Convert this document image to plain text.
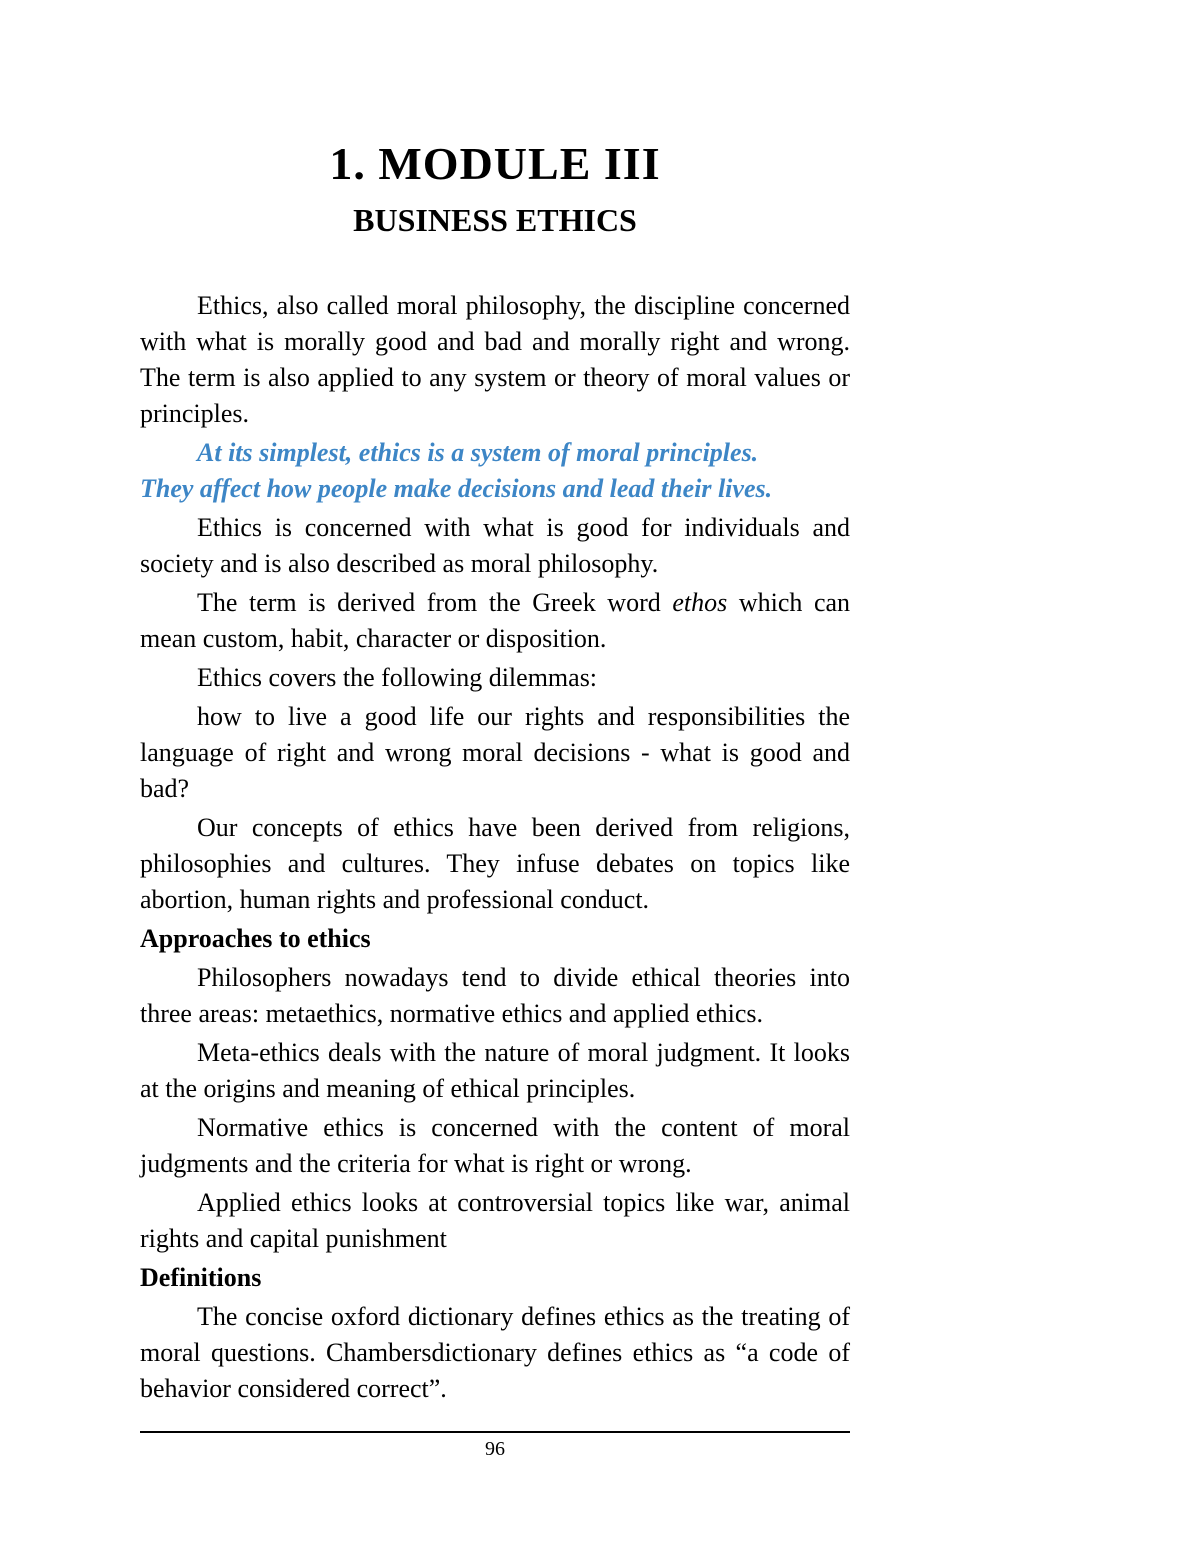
1. MODULE III
BUSINESS ETHICS

Ethics, also called moral philosophy, the discipline concerned with what is morally good and bad and morally right and wrong. The term is also applied to any system or theory of moral values or principles.

At its simplest, ethics is a system of moral principles.
They affect how people make decisions and lead their lives.

Ethics is concerned with what is good for individuals and society and is also described as moral philosophy.

The term is derived from the Greek word ethos which can mean custom, habit, character or disposition.

Ethics covers the following dilemmas:

how to live a good life our rights and responsibilities the language of right and wrong moral decisions - what is good and bad?

Our concepts of ethics have been derived from religions, philosophies and cultures. They infuse debates on topics like abortion, human rights and professional conduct.

Approaches to ethics

Philosophers nowadays tend to divide ethical theories into three areas: metaethics, normative ethics and applied ethics.

Meta-ethics deals with the nature of moral judgment. It looks at the origins and meaning of ethical principles.

Normative ethics is concerned with the content of moral judgments and the criteria for what is right or wrong.

Applied ethics looks at controversial topics like war, animal rights and capital punishment

Definitions

The concise oxford dictionary defines ethics as the treating of moral questions. Chambersdictionary defines ethics as “a code of behavior considered correct”.

96
